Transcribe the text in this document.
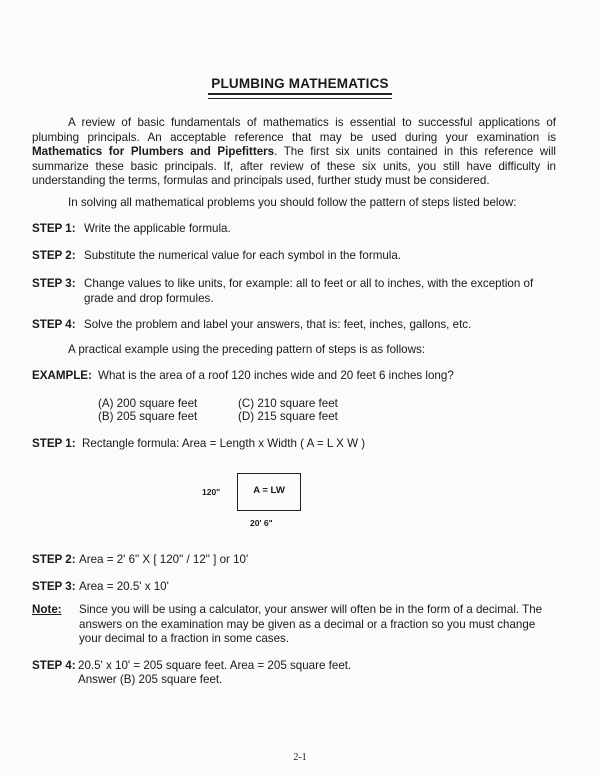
PLUMBING MATHEMATICS
A review of basic fundamentals of mathematics is essential to successful applications of plumbing principals. An acceptable reference that may be used during your examination is Mathematics for Plumbers and Pipefitters. The first six units contained in this reference will summarize these basic principals. If, after review of these six units, you still have difficulty in understanding the terms, formulas and principals used, further study must be considered.
In solving all mathematical problems you should follow the pattern of steps listed below:
STEP 1: Write the applicable formula.
STEP 2: Substitute the numerical value for each symbol in the formula.
STEP 3: Change values to like units, for example: all to feet or all to inches, with the exception of grade and drop formules.
STEP 4: Solve the problem and label your answers, that is: feet, inches, gallons, etc.
A practical example using the preceding pattern of steps is as follows:
EXAMPLE: What is the area of a roof 120 inches wide and 20 feet 6 inches long?
(A) 200 square feet	(C) 210 square feet
(B) 205 square feet	(D) 215 square feet
STEP 1: Rectangle formula: Area = Length x Width ( A = L X W )
120"	A = LW
20' 6"
STEP 2: Area = 2' 6" X [ 120" / 12" ] or 10'
STEP 3: Area = 20.5' x 10'
Note: Since you will be using a calculator, your answer will often be in the form of a decimal. The answers on the examination may be given as a decimal or a fraction so you must change your decimal to a fraction in some cases.
STEP 4: 20.5' x 10' = 205 square feet. Area = 205 square feet.
Answer (B) 205 square feet.
2-1
